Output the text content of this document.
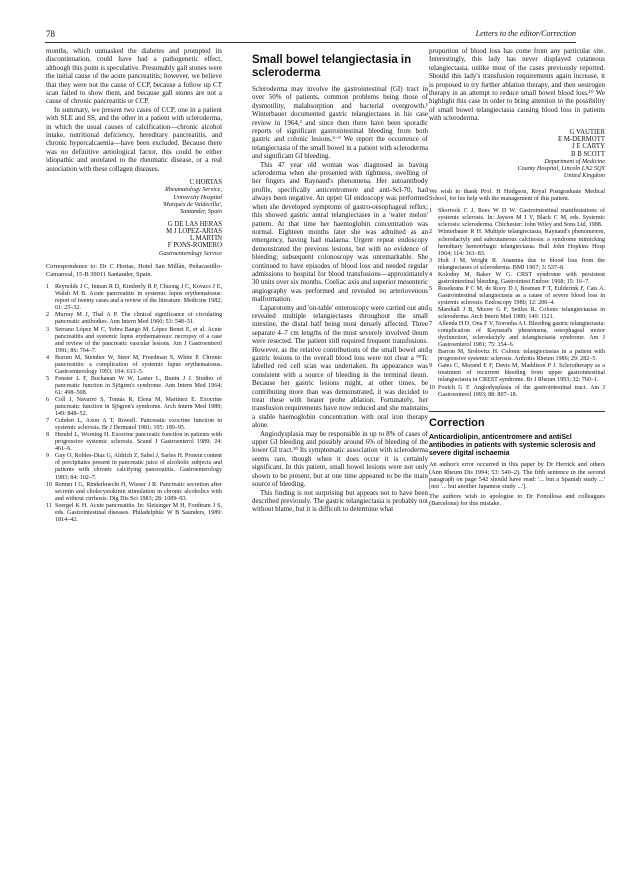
78	Letters to the editor/Correction

months, which unmasked the diabetes and prompted its discontinuation, could have had a pathogenetic effect, although this point is speculative. Presumably gall stones were the initial cause of the acute pancreatitis; however, we believe that they were not the cause of CCP, because a follow up CT scan failed to show them, and because gall stones are not a cause of chronic pancreatitis or CCP.

In summary, we present two cases of CCP, one in a patient with SLE and SS, and the other in a patient with scleroderma, in which the usual causes of calcification—chronic alcohol intake, nutritional deficiency, hereditary pancreatitis, and chronic hypercalcaemia—have been excluded. Because there was no definitive aetiological factor, this could be either idiopathic and unrelated to the rheumatic disease, or a real association with these collagen diseases.

C HORTAS
Rheumatology Service,
University Hospital
'Marqués de Valdecilla',
Santander, Spain
G DE LAS HERAS
M J LOPEZ-ARIAS
L MARTIN
F PONS-ROMERO
Gastroenterology Service
Correspondence to: Dr C Hortas, Hotel San Millán, Peñacastillo-Camarreal, 15-B 39011 Santander, Spain.
1 Reynolds J C, Inman R D, Kimberly R P, Chuong J C, Kovacs J E, Walsh M B. Acute pancreatitis in systemic lupus erythematosus: report of twenty cases and a review of the literature. Medicine 1982; 61: 25–32.
2 Murray M J, Thal A P. The clinical significance of circulating pancreatic antibodies. Ann Intern Med 1960; 53: 548–51.
3 Serrano López M C, Yebra Bango M, López Bonet E, et al. Acute pancreatitis and systemic lupus erythematosus: necropsy of a case and review of the pancreatic vascular lesions. Am J Gastroenterol 1991; 86: 764–7.
4 Borum M, Steinber W, Steer M, Freedman S, White P. Chronic pancreatitis: a complication of systemic lupus erythematosus. Gastroenterology 1993; 104: 613–5.
5 Fenster L F, Buchanan W W, Laster L, Bunin J J. Studies of pancreatic function in Sjögren's syndrome. Ann Intern Med 1964; 61: 498–508.
6 Coll J, Navarro S, Tomás R, Elena M, Martínez E. Exocrine pancreatic function in Sjögren's syndrome. Arch Intern Med 1989; 149: 848–52.
7 Cobden L, Axon A T, Rowell. Pancreatic exocrine function in systemic sclerosis. Br J Dermatol 1981; 105: 189–95.
8 Hendel L, Worning H. Exocrine pancreatic function in patients with progressive systemic sclerosis. Scand J Gastroenterol 1989; 24: 461–6.
9 Guy O, Robles-Diaz G, Aldrich Z, Sabel J, Sarles H. Protein content of precipitates present in pancreatic juice of alcoholic subjects and patients with chronic calcifying pancreatitis. Gastroenterology 1983; 84: 102–7.
10 Renner I G, Rinderknecht H, Wisner J R. Pancreatic secretion after secretin and cholecystokinin stimulation in chronic alcoholics with and without cirrhosis. Dig Dis Sci 1983; 28: 1089–93.
11 Soergel K H. Acute pancreatitis. In: Sleisinger M H, Fordtram J S, eds. Gastrointestinal diseases. Philadelphia: W B Saunders, 1989: 1814–42.
Small bowel telangiectasia in scleroderma

Scleroderma may involve the gastrointestinal (GI) tract in over 50% of patients, common problems being those of dysmotility, malabsorption and bacterial overgrowth.¹ Winterbauer documented gastric telangiectases in his case review in 1964,² and since then there have been sporadic reports of significant gastrointestinal bleeding from both gastric and colonic lesions.³⁻⁹ We report the occurrence of telangiectasia of the small bowel in a patient with scleroderma and significant GI bleeding.

This 47 year old woman was diagnosed as having scleroderma when she presented with tightness, swelling of her fingers and Raynaud's phenomena. Her autoantibody profile, specifically anticentromere and anti-Scl-70, had always been negative. An upper GI endoscopy was performed when she developed symptoms of gastro-oesophageal reflux; this showed gastric antral telangiectases in a 'water melon' pattern. At that time her haemoglobin concentration was normal. Eighteen months later she was admitted as an emergency, having had malaena. Urgent repeat endoscopy demonstrated the previous lesions, but with no evidence of bleeding; subsequent colonoscopy was unremarkable. She continued to have episodes of blood loss and needed regular admissions to hospital for blood transfusions—approximately 30 units over six months. Coeliac axis and superior mesenteric angiography was performed and revealed no arteriovenous malformation.

Laparotomy and 'on-table' enteroscopy were carried out and revealed multiple telangiectases throughout the small intestine, the distal half being most densely affected. Three separate 4–7 cm lengths of the most severely involved ileum were resected. The patient still required frequent transfusions. However, as the relative contributions of the small bowel and gastric lesions to the overall blood loss were not clear a ⁹⁹Tc labelled red cell scan was undertaken. Its appearance was consistent with a source of bleeding in the terminal ileum. Because her gastric lesions might, at other times, be contributing more than was demonstrated, it was decided to treat these with heater probe ablation. Fortunately, her transfusion requirements have now reduced and she maintains a stable haemoglobin concentration with oral iron therapy alone.

Angiodysplasia may be responsible in up to 8% of cases of upper GI bleeding and possibly around 6% of bleeding of the lower GI tract.¹⁰ Its symptomatic association with scleroderma seems rare, though when it does occur it is certainly significant. In this patient, small bowel lesions were not only shown to be present, but at one time appeared to be the main source of bleeding.

This finding is not surprising but appears not to have been described previously. The gastric telangiectasia is probably not without blame, but it is difficult to determine what

proportion of blood loss has come from any particular site. Interestingly, this lady has never displayed cutaneous telangiectasia, unlike most of the cases previously reported. Should this lady's transfusion requirements again increase, it is proposed to try further ablation therapy, and then oestrogen therapy in an attempt to reduce small bowel blood loss.¹⁰ We highlight this case in order to bring attention to the possibility of small bowel telangiectasia causing blood loss in patients with scleroderma.

G VAUTIER
E M-DERMOTT
J E CARTY
B B SCOTT
Department of Medicine
County Hospital, Lincoln LN2 5QY
United Kingdom
We wish to thank Prof. H Hodgson, Royal Postgraduate Medical School, for his help with the management of this patient.
1 Shorrock C J, Rees W D W. Gastrointestinal manifestations of systemic sclerosis. In: Jayson M I V, Black C M, eds. Systemic sclerosis: scleroderma. Chichester: John Wiley and Sons Ltd, 1988.
2 Winterbauer R H. Multiple telangiectasia, Raynaud's phenomenon, sclerodactyly and subcutaneous calcinosis: a syndrome mimicking hereditary hemorrhagic telangiectasia. Bull John Hopkins Hosp 1964; 114: 361–83.
3 Holt J M, Wright R. Anaemia due to blood loss from the telangiectases of scleroderma. BMJ 1967; 3: 537–8.
4 Kolodny M, Baker W G. CRST syndrome with persistent gastrointestinal bleeding. Gastrointest Endosc 1968; 15: 16–7.
5 Rosekrans P C M, de Rooy D J, Bosman F T, Eulderink F, Cats A. Gastrointestinal telangiectasia as a cause of severe blood loss in systemic sclerosis. Endoscopy 1980; 12: 200–4.
6 Marshall J B, Moore G F, Settles R. Colonic telangiectasias in scleroderma. Arch Intern Med 1980; 140: 1121.
7 Allenda H D, Ona F V, Noronha A I. Bleeding gastric telangiectasia: complication of Raynaud's phenomena, oesophageal motor dysfunction, sclerodactyly and telangiectasia syndrome. Am J Gastroenterol 1981; 75: 354–6.
8 Barron M, Srolovitz H. Colonic telangiectasias in a patient with progressive systemic sclerosis. Arthritis Rheum 1986; 29: 282–5.
9 Gates C, Morand E F, Davis M, Maddison P J. Sclerotherapy as a treatment of recurrent bleeding from upper gastrointestinal telangiectasia in CREST syndrome. Br J Rheum 1993; 32: 760–1.
10 Foutch G F. Angiodysplasia of the gastrointestinal tract. Am J Gastroenterol 1993; 88: 807–18.
Correction
Anticardiolipin, anticentromere and antiScl antibodies in patients with systemic sclerosis and severe digital ischaemia

An author's error occurred in this paper by Dr Herrick and others (Ann Rheum Dis 1994; 53: 540–2). The fifth sentence in the second paragraph on page 542 should have read: '... but a Spanish study ...' [not '... but another Japanese study ...'].

The authors wish to apologise to Dr Fonollosa and colleagues (Barcelona) for this mistake.
